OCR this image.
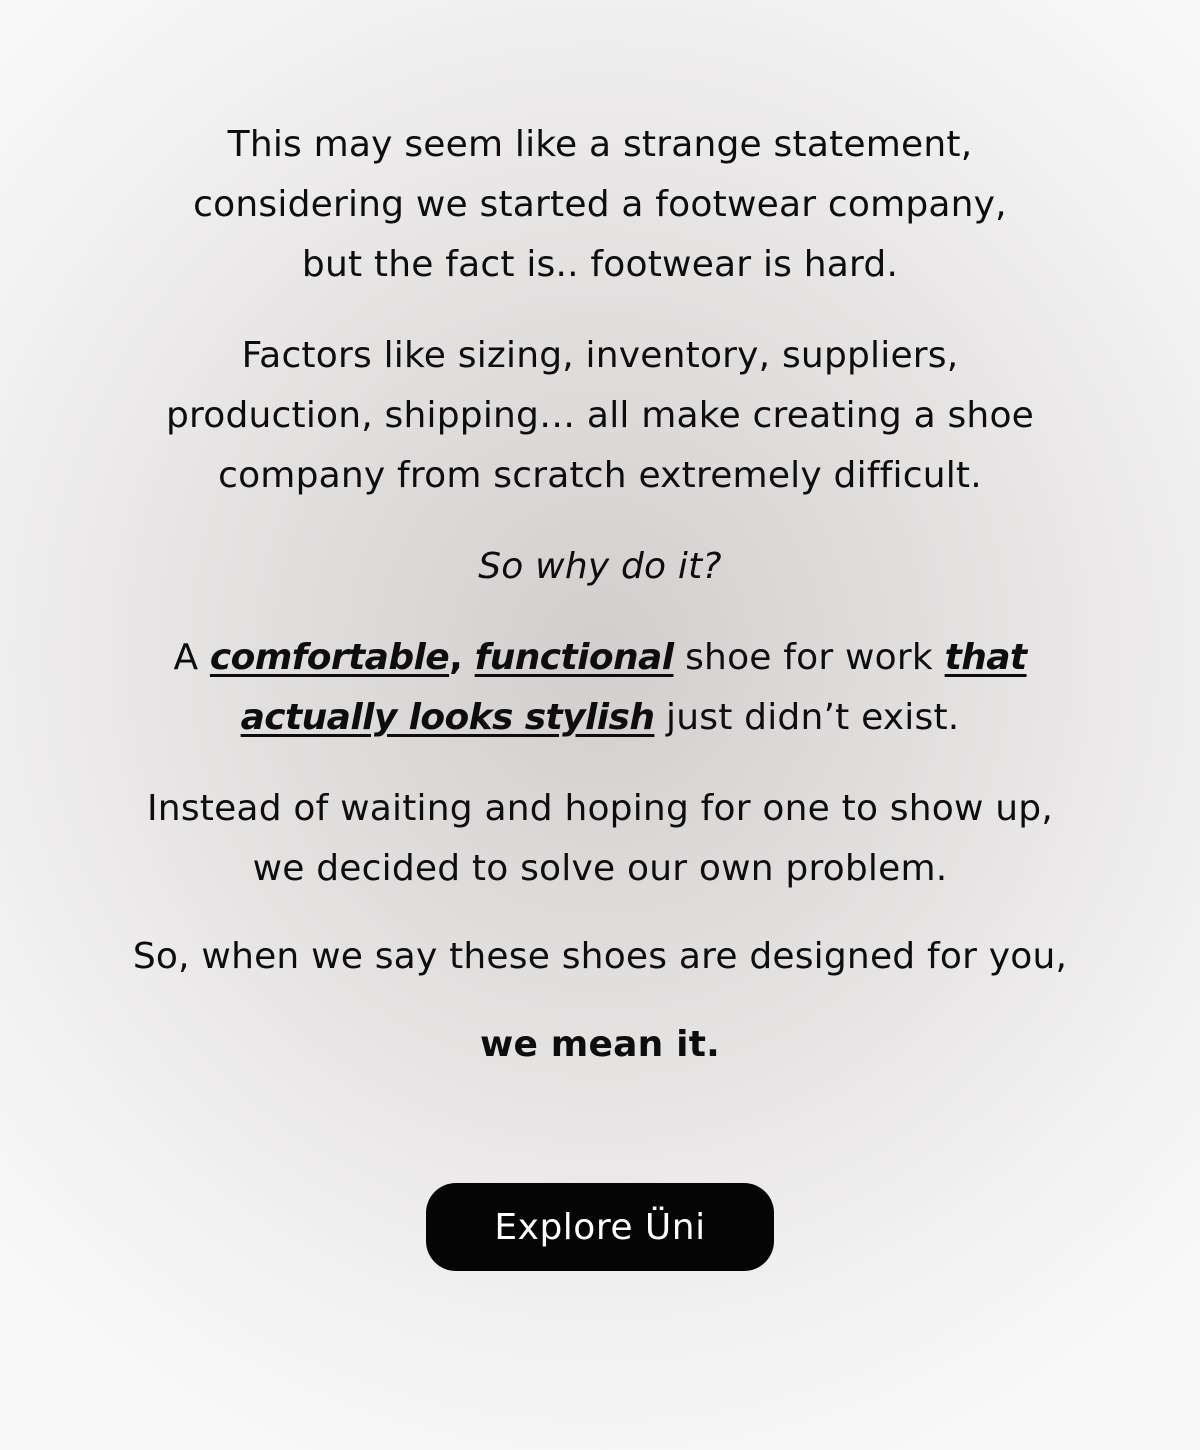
This may seem like a strange statement,
considering we started a footwear company,
but the fact is.. footwear is hard.

Factors like sizing, inventory, suppliers,
production, shipping… all make creating a shoe
company from scratch extremely difficult.

So why do it?

A comfortable, functional shoe for work that
actually looks stylish just didn’t exist.

Instead of waiting and hoping for one to show up,
we decided to solve our own problem.

So, when we say these shoes are designed for you,

we mean it.

Explore Üni
